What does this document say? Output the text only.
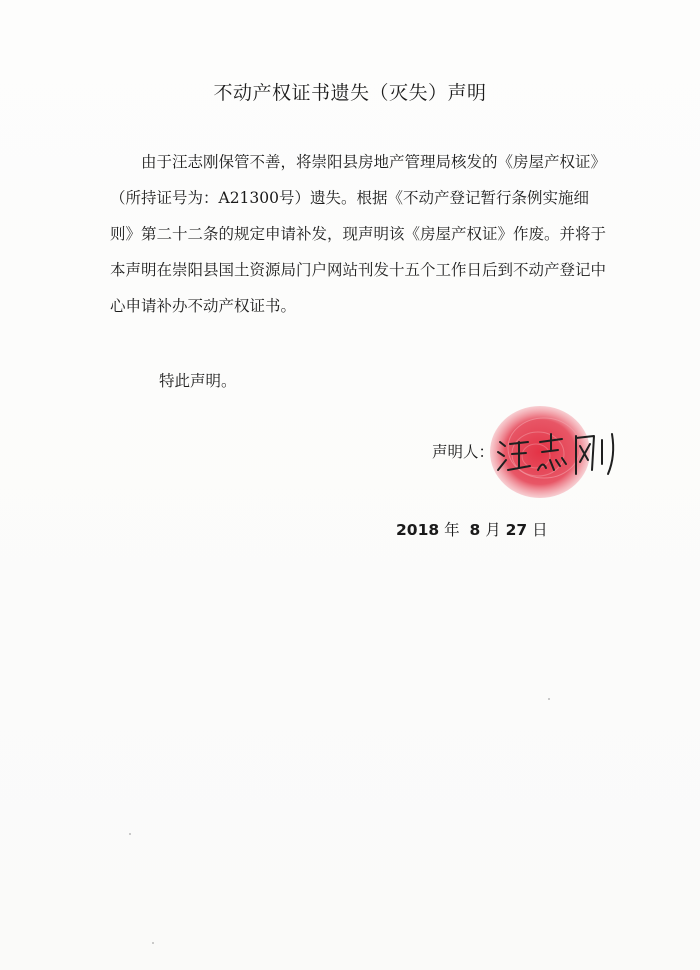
不动产权证书遗失（灭失）声明

由于汪志刚保管不善，将崇阳县房地产管理局核发的《房屋产权证》（所持证号为：A21300号）遗失。根据《不动产登记暂行条例实施细则》第二十二条的规定申请补发，现声明该《房屋产权证》作废。并将于本声明在崇阳县国土资源局门户网站刊发十五个工作日后到不动产登记中心申请补办不动产权证书。

特此声明。
声明人：
2018 年 8 月 27 日
